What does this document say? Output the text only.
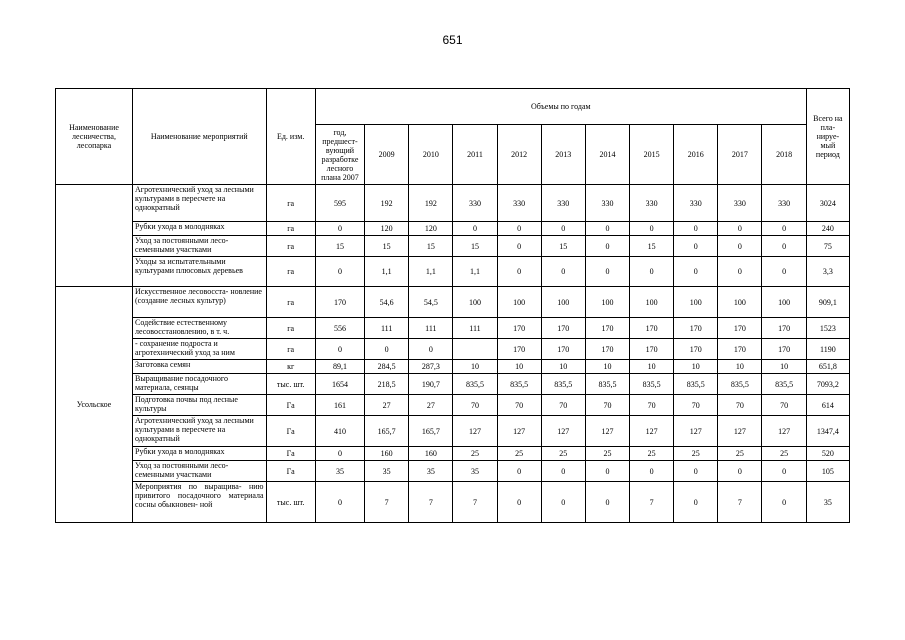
651
Наименование лесничества, лесопарка	Наименование мероприятий	Ед. изм.	Объемы по годам											Всего на пла- нируе- мый период
			год, предшест- вующий разработке лесного плана 2007	2009	2010	2011	2012	2013	2014	2015	2016	2017	2018	
	Агротехнический уход за лесными культурами в пересчете на однократный	га	595	192	192	330	330	330	330	330	330	330	330	3024
	Рубки ухода в молодняках	га	0	120	120	0	0	0	0	0	0	0	0	240
	Уход за постоянными лесо- семенными участками	га	15	15	15	15	0	15	0	15	0	0	0	75
	Уходы за испытательными культурами плюсовых деревьев	га	0	1,1	1,1	1,1	0	0	0	0	0	0	0	3,3
Усольское	Искусственное лесовосста- новление (создание лесных культур)	га	170	54,6	54,5	100	100	100	100	100	100	100	100	909,1
	Содействие естественному лесовосстановлению, в т. ч.	га	556	111	111	111	170	170	170	170	170	170	170	1523
	- сохранение подроста и агротехнический уход за ним	га	0	0	0		170	170	170	170	170	170	170	1190
	Заготовка семян	кг	89,1	284,5	287,3	10	10	10	10	10	10	10	10	651,8
	Выращивание посадочного материала, сеянцы	тыс. шт.	1654	218,5	190,7	835,5	835,5	835,5	835,5	835,5	835,5	835,5	835,5	7093,2
	Подготовка почвы под лесные культуры	Га	161	27	27	70	70	70	70	70	70	70	70	614
	Агротехнический уход за лесными культурами в пересчете на однократный	Га	410	165,7	165,7	127	127	127	127	127	127	127	127	1347,4
	Рубки ухода в молодняках	Га	0	160	160	25	25	25	25	25	25	25	25	520
	Уход за постоянными лесо- семенными участками	Га	35	35	35	35	0	0	0	0	0	0	0	105
	Мероприятия по выращива- нию привитого посадочного материала сосны обыкновен- ной	тыс. шт.	0	7	7	7	0	0	0	7	0	7	0	35
